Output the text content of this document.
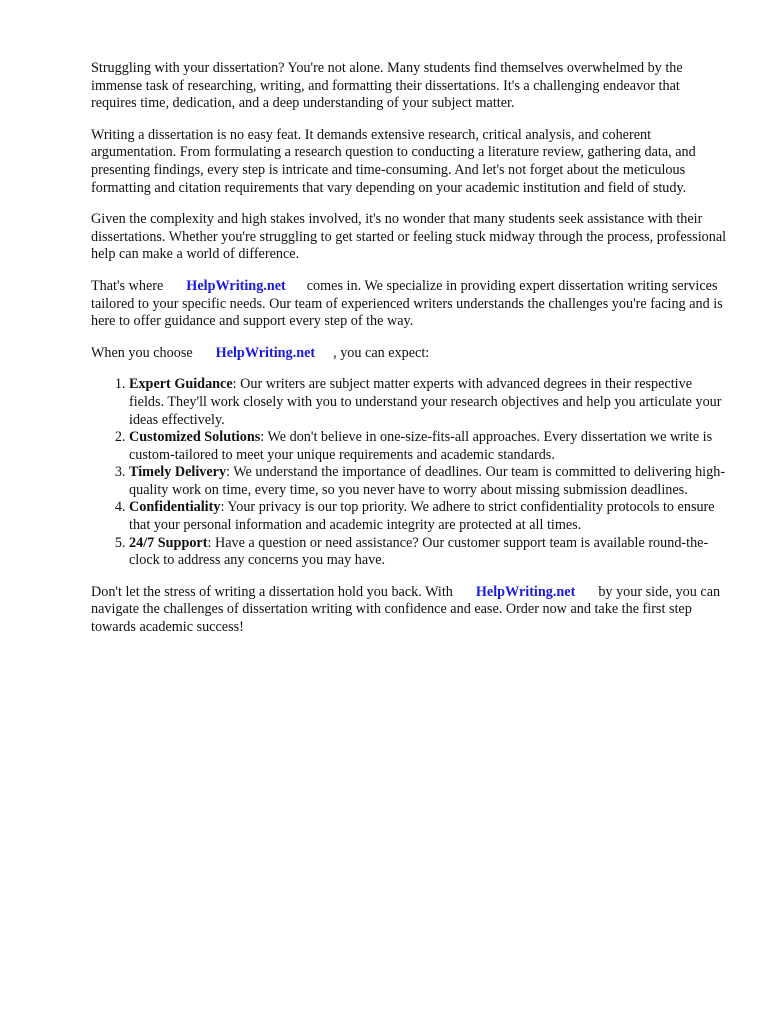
Struggling with your dissertation? You're not alone. Many students find themselves overwhelmed by the immense task of researching, writing, and formatting their dissertations. It's a challenging endeavor that requires time, dedication, and a deep understanding of your subject matter.

Writing a dissertation is no easy feat. It demands extensive research, critical analysis, and coherent argumentation. From formulating a research question to conducting a literature review, gathering data, and presenting findings, every step is intricate and time-consuming. And let's not forget about the meticulous formatting and citation requirements that vary depending on your academic institution and field of study.

Given the complexity and high stakes involved, it's no wonder that many students seek assistance with their dissertations. Whether you're struggling to get started or feeling stuck midway through the process, professional help can make a world of difference.

That's where HelpWriting.net comes in. We specialize in providing expert dissertation writing services tailored to your specific needs. Our team of experienced writers understands the challenges you're facing and is here to offer guidance and support every step of the way.

When you choose HelpWriting.net , you can expect:

1. Expert Guidance: Our writers are subject matter experts with advanced degrees in their respective fields. They'll work closely with you to understand your research objectives and help you articulate your ideas effectively.
2. Customized Solutions: We don't believe in one-size-fits-all approaches. Every dissertation we write is custom-tailored to meet your unique requirements and academic standards.
3. Timely Delivery: We understand the importance of deadlines. Our team is committed to delivering high-quality work on time, every time, so you never have to worry about missing submission deadlines.
4. Confidentiality: Your privacy is our top priority. We adhere to strict confidentiality protocols to ensure that your personal information and academic integrity are protected at all times.
5. 24/7 Support: Have a question or need assistance? Our customer support team is available round-the-clock to address any concerns you may have.

Don't let the stress of writing a dissertation hold you back. With HelpWriting.net by your side, you can navigate the challenges of dissertation writing with confidence and ease. Order now and take the first step towards academic success!
